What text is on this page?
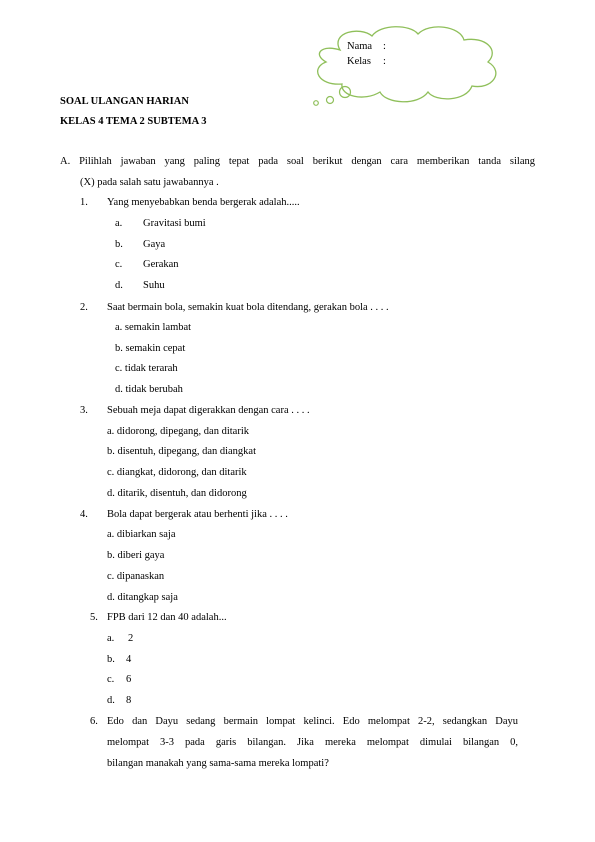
Nama :
Kelas :
SOAL ULANGAN HARIAN
KELAS 4 TEMA 2 SUBTEMA 3
A. Pilihlah jawaban yang paling tepat pada soal berikut dengan cara memberikan tanda silang
(X) pada salah satu jawabannya .
1. Yang menyebabkan benda bergerak adalah.....
a. Gravitasi bumi
b. Gaya
c. Gerakan
d. Suhu
2. Saat bermain bola, semakin kuat bola ditendang, gerakan bola . . . .
a. semakin lambat
b. semakin cepat
c. tidak terarah
d. tidak berubah
3. Sebuah meja dapat digerakkan dengan cara . . . .
a. didorong, dipegang, dan ditarik
b. disentuh, dipegang, dan diangkat
c. diangkat, didorong, dan ditarik
d. ditarik, disentuh, dan didorong
4. Bola dapat bergerak atau berhenti jika . . . .
a. dibiarkan saja
b. diberi gaya
c. dipanaskan
d. ditangkap saja
5. FPB dari 12 dan 40 adalah...
a. 2
b. 4
c. 6
d. 8
6. Edo dan Dayu sedang bermain lompat kelinci. Edo melompat 2-2, sedangkan Dayu
melompat 3-3 pada garis bilangan. Jika mereka melompat dimulai bilangan 0,
bilangan manakah yang sama-sama mereka lompati?
